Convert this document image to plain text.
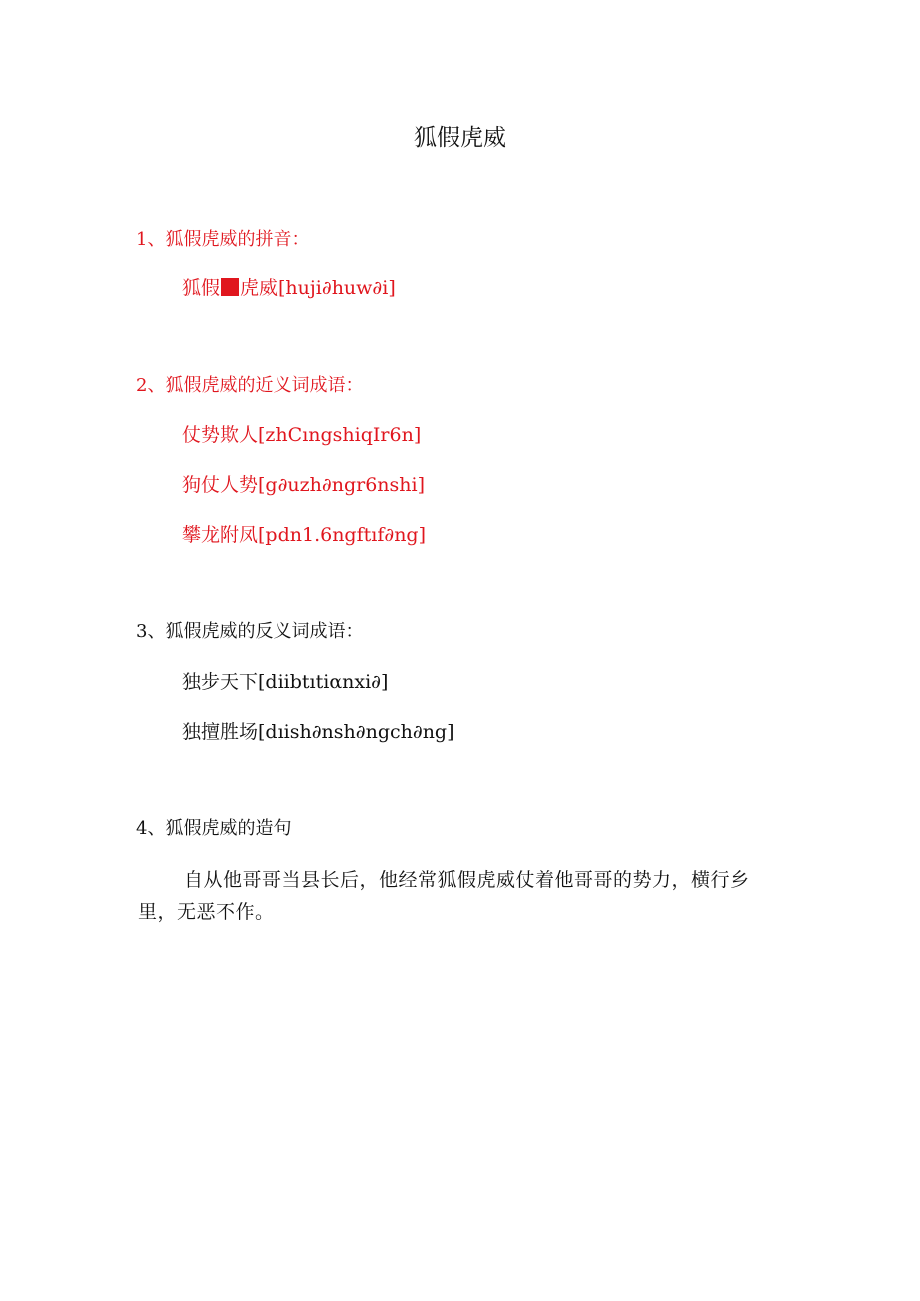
狐假虎威
1、狐假虎威的拼音：
狐假 虎威[huji∂huw∂i]
2、狐假虎威的近义词成语：
仗势欺人[zhCıngshiqIr6n]
狗仗人势[g∂uzh∂ngr6nshi]
攀龙附凤[pdn1.6ngftıf∂ng]
3、狐假虎威的反义词成语：
独步天下[diibtıtiαnxi∂]
独擅胜场[dıish∂nsh∂ngch∂ng]
4、狐假虎威的造句
自从他哥哥当县长后，他经常狐假虎威仗着他哥哥的势力，横行乡里，无恶不作。
